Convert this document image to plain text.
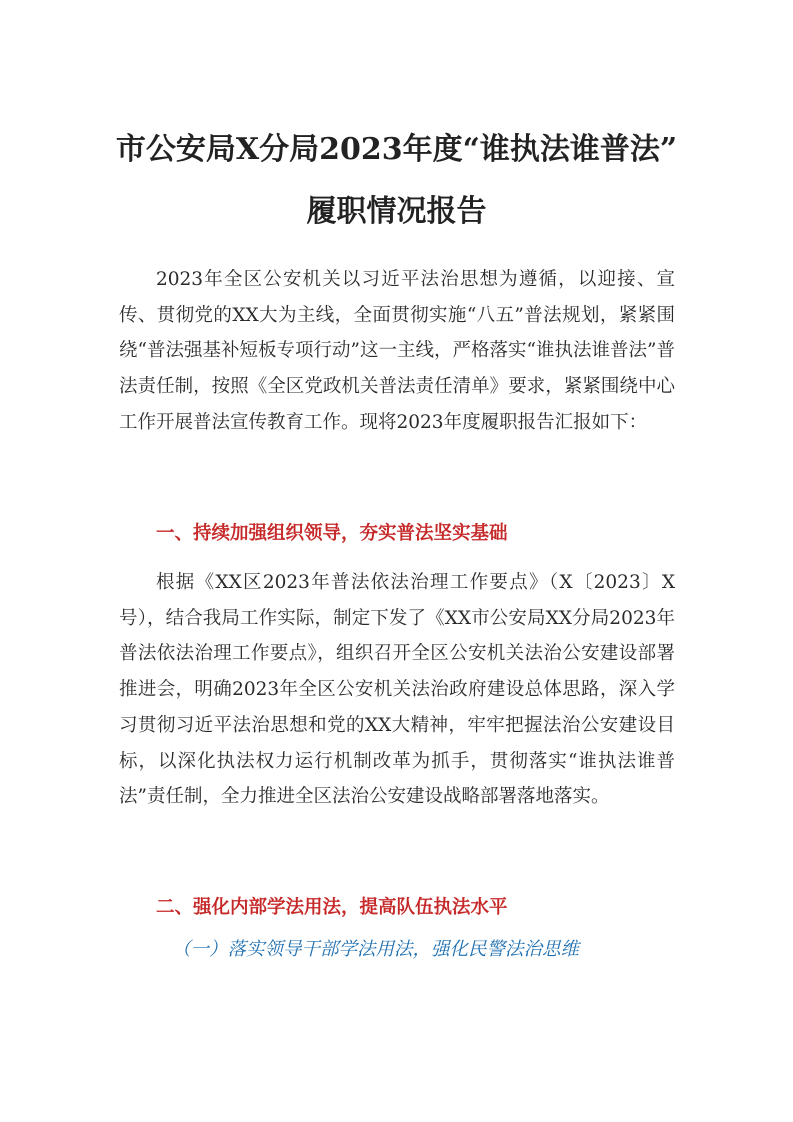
市公安局X分局2023年度“谁执法谁普法”
履职情况报告

2023年全区公安机关以习近平法治思想为遵循，以迎接、宣传、贯彻党的XX大为主线，全面贯彻实施“八五”普法规划，紧紧围绕“普法强基补短板专项行动”这一主线，严格落实“谁执法谁普法”普法责任制，按照《全区党政机关普法责任清单》要求，紧紧围绕中心工作开展普法宣传教育工作。现将2023年度履职报告汇报如下：

一、持续加强组织领导，夯实普法坚实基础

根据《XX区2023年普法依法治理工作要点》（X〔2023〕X号），结合我局工作实际，制定下发了《XX市公安局XX分局2023年普法依法治理工作要点》，组织召开全区公安机关法治公安建设部署推进会，明确2023年全区公安机关法治政府建设总体思路，深入学习贯彻习近平法治思想和党的XX大精神，牢牢把握法治公安建设目标，以深化执法权力运行机制改革为抓手，贯彻落实“谁执法谁普法”责任制，全力推进全区法治公安建设战略部署落地落实。

二、强化内部学法用法，提高队伍执法水平

（一）落实领导干部学法用法，强化民警法治思维
